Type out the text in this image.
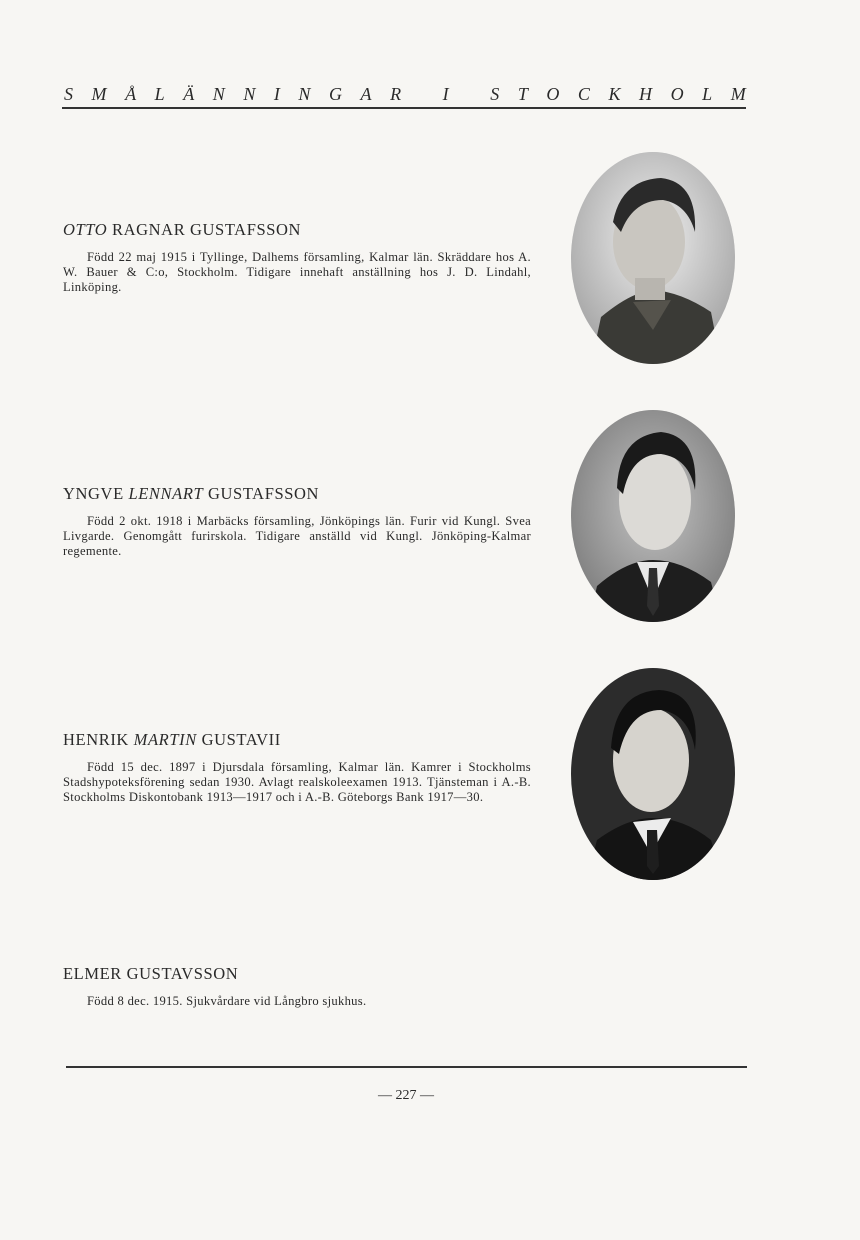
S M Å L Ä N N I N G A R
I
S T O C K H O L M

OTTO RAGNAR GUSTAFSSON

Född 22 maj 1915 i Tyllinge, Dalhems församling, Kalmar län. Skräddare hos A. W. Bauer & C:o, Stockholm. Tidigare innehaft anställning hos J. D. Lindahl, Linköping.

YNGVE LENNART GUSTAFSSON

Född 2 okt. 1918 i Marbäcks församling, Jönköpings län. Furir vid Kungl. Svea Livgarde. Genomgått furirskola. Tidigare anställd vid Kungl. Jönköping-Kalmar regemente.

HENRIK MARTIN GUSTAVII

Född 15 dec. 1897 i Djursdala församling, Kalmar län. Kamrer i Stockholms Stadshypoteksförening sedan 1930. Avlagt realskoleexamen 1913. Tjänsteman i A.-B. Stockholms Diskontobank 1913—1917 och i A.-B. Göteborgs Bank 1917—30.

ELMER GUSTAVSSON

Född 8 dec. 1915. Sjukvårdare vid Långbro sjukhus.

— 227 —
